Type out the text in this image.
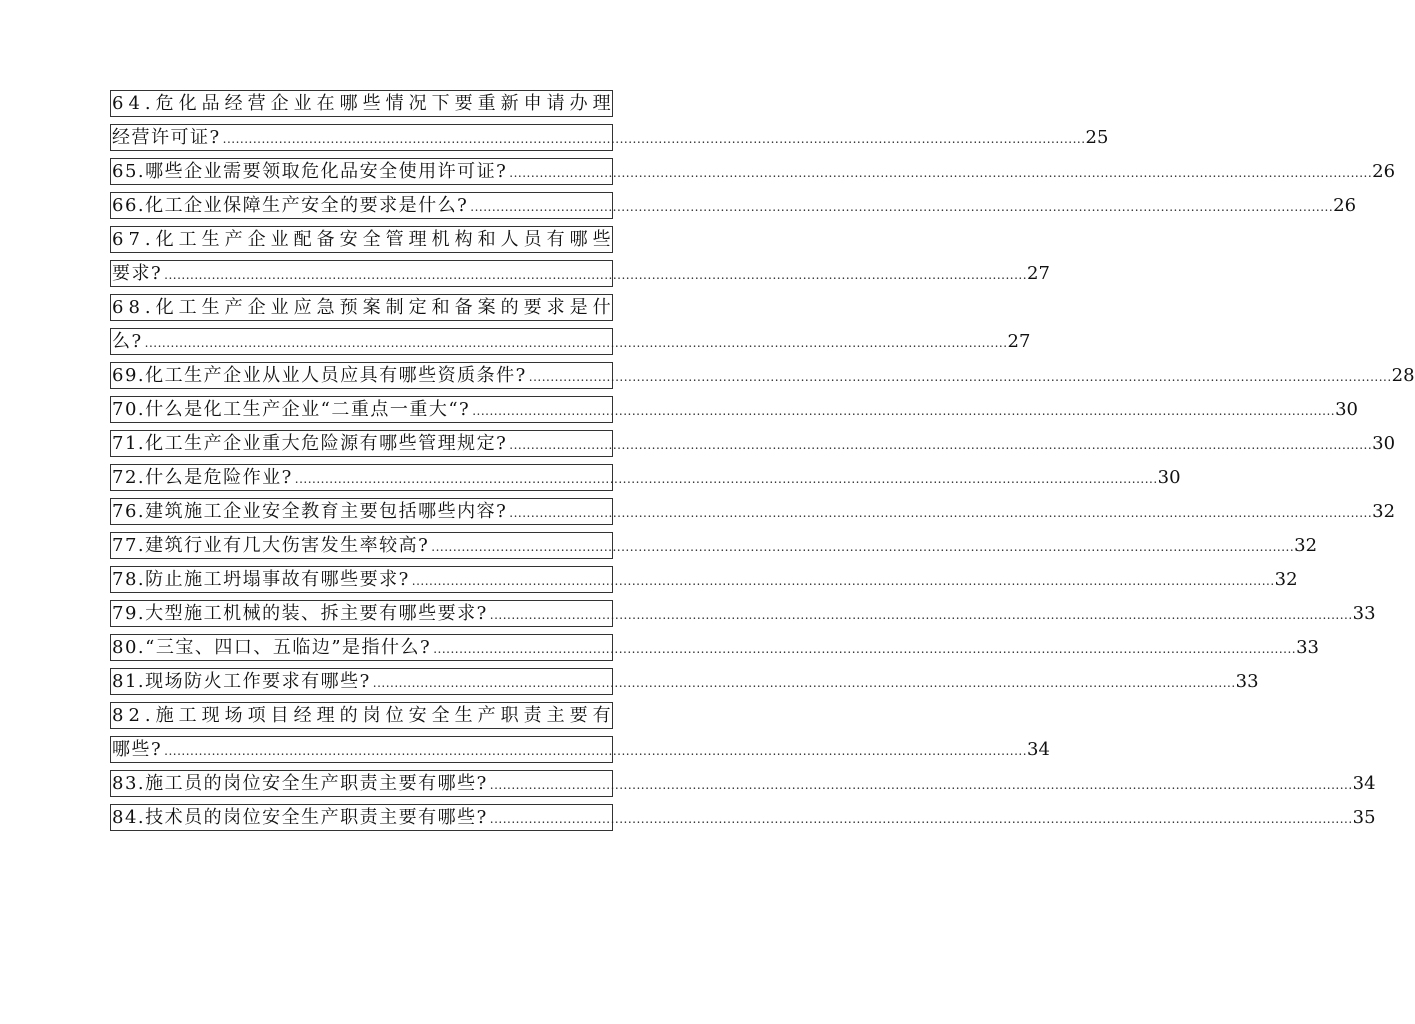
64.危化品经营企业在哪些情况下要重新申请办理
经营许可证? ........................................................................................................................................................................................................ 25
65.哪些企业需要领取危化品安全使用许可证? ........................................................................................................................................................................................................ 26
66.化工企业保障生产安全的要求是什么? ........................................................................................................................................................................................................ 26
67.化工生产企业配备安全管理机构和人员有哪些
要求? ........................................................................................................................................................................................................ 27
68.化工生产企业应急预案制定和备案的要求是什
么? ........................................................................................................................................................................................................ 27
69.化工生产企业从业人员应具有哪些资质条件? ........................................................................................................................................................................................................ 28
70.什么是化工生产企业“二重点一重大“? ........................................................................................................................................................................................................ 30
71.化工生产企业重大危险源有哪些管理规定? ........................................................................................................................................................................................................ 30
72.什么是危险作业? ........................................................................................................................................................................................................ 30
76.建筑施工企业安全教育主要包括哪些内容? ........................................................................................................................................................................................................ 32
77.建筑行业有几大伤害发生率较高? ........................................................................................................................................................................................................ 32
78.防止施工坍塌事故有哪些要求? ........................................................................................................................................................................................................ 32
79.大型施工机械的装、拆主要有哪些要求? ........................................................................................................................................................................................................ 33
80.“三宝、四口、五临边”是指什么? ........................................................................................................................................................................................................ 33
81.现场防火工作要求有哪些? ........................................................................................................................................................................................................ 33
82.施工现场项目经理的岗位安全生产职责主要有
哪些? ........................................................................................................................................................................................................ 34
83.施工员的岗位安全生产职责主要有哪些? ........................................................................................................................................................................................................ 34
84.技术员的岗位安全生产职责主要有哪些? ........................................................................................................................................................................................................ 35
